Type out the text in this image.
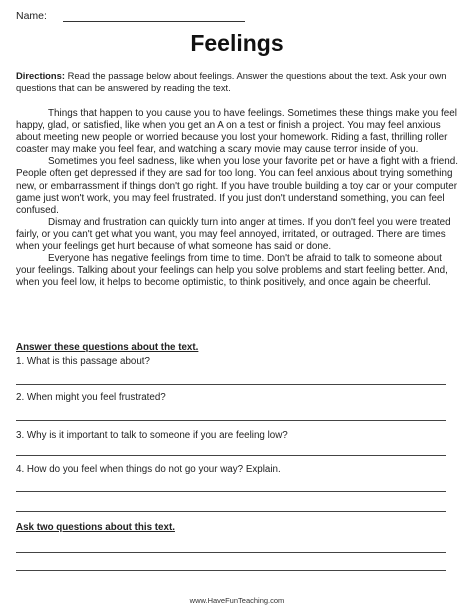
Name:
Feelings
Directions: Read the passage below about feelings. Answer the questions about the text. Ask your own questions that can be answered by reading the text.

Things that happen to you cause you to have feelings. Sometimes these things make you feel happy, glad, or satisfied, like when you get an A on a test or finish a project. You may feel anxious about meeting new people or worried because you lost your homework. Riding a fast, thrilling roller coaster may make you feel fear, and watching a scary movie may cause terror inside of you.

Sometimes you feel sadness, like when you lose your favorite pet or have a fight with a friend. People often get depressed if they are sad for too long. You can feel anxious about trying something new, or embarrassment if things don't go right. If you have trouble building a toy car or your computer game just won't work, you may feel frustrated. If you just don't understand something, you can feel confused.

Dismay and frustration can quickly turn into anger at times. If you don't feel you were treated fairly, or you can't get what you want, you may feel annoyed, irritated, or outraged. There are times when your feelings get hurt because of what someone has said or done.

Everyone has negative feelings from time to time. Don't be afraid to talk to someone about your feelings. Talking about your feelings can help you solve problems and start feeling better. And, when you feel low, it helps to become optimistic, to think positively, and once again be cheerful.

Answer these questions about the text.
1. What is this passage about?
2. When might you feel frustrated?
3. Why is it important to talk to someone if you are feeling low?
4. How do you feel when things do not go your way? Explain.
Ask two questions about this text.
www.HaveFunTeaching.com
